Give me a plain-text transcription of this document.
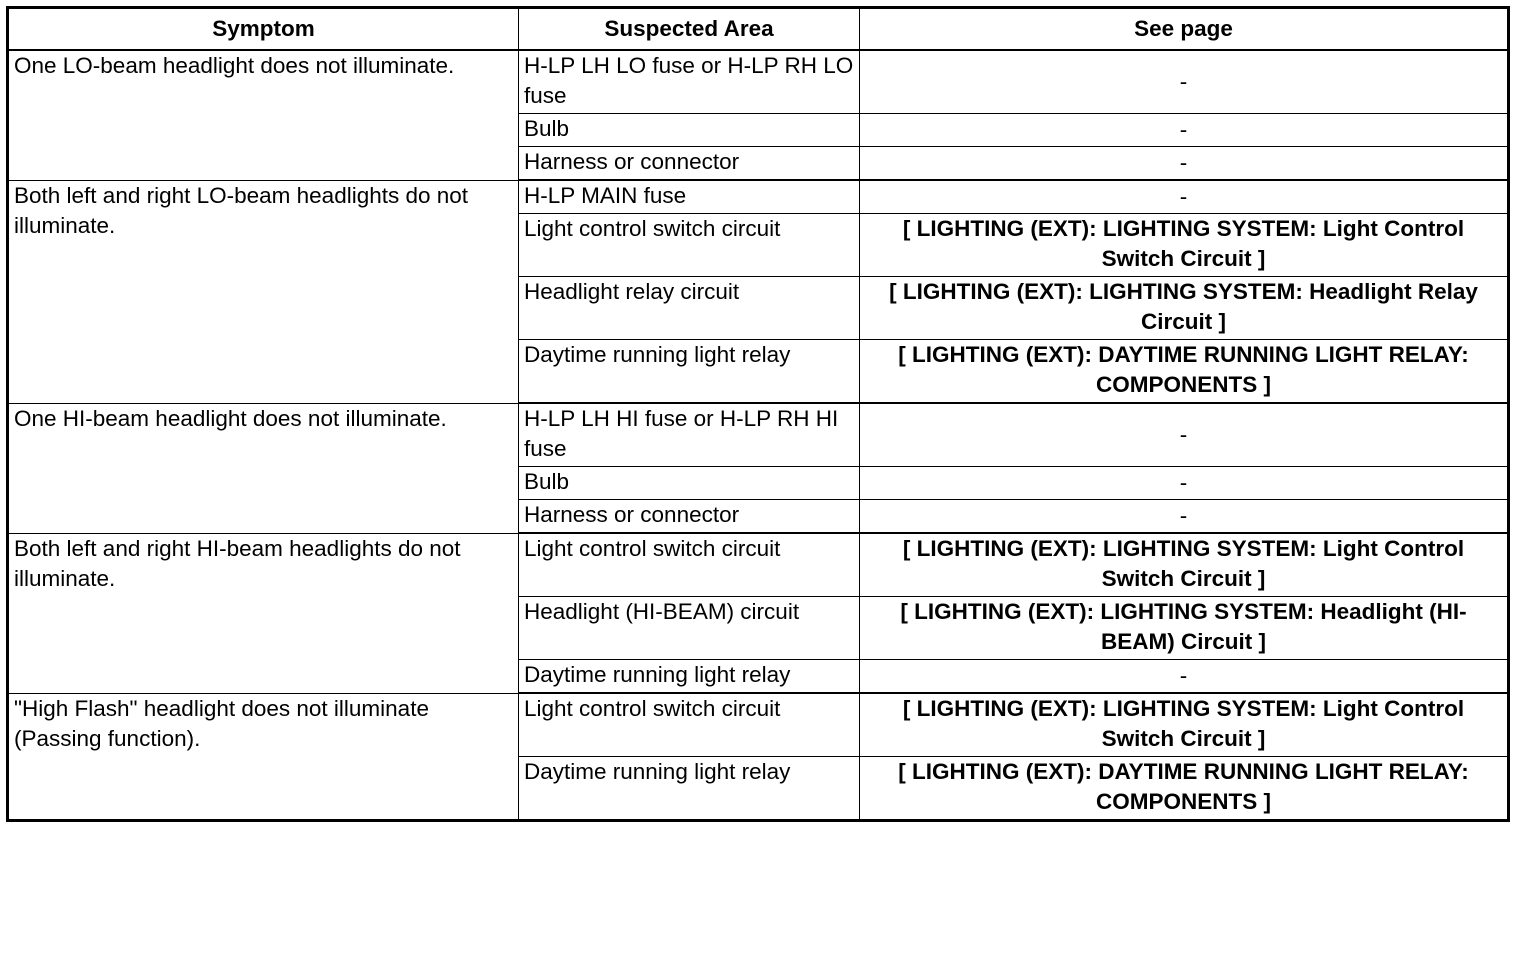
Symptom	Suspected Area	See page
One LO-beam headlight does not illuminate.	H-LP LH LO fuse or H-LP RH LO fuse	-
	Bulb	-
	Harness or connector	-
Both left and right LO-beam headlights do not illuminate.	H-LP MAIN fuse	-
	Light control switch circuit	[ LIGHTING (EXT): LIGHTING SYSTEM: Light Control Switch Circuit ]
	Headlight relay circuit	[ LIGHTING (EXT): LIGHTING SYSTEM: Headlight Relay Circuit ]
	Daytime running light relay	[ LIGHTING (EXT): DAYTIME RUNNING LIGHT RELAY: COMPONENTS ]
One HI-beam headlight does not illuminate.	H-LP LH HI fuse or H-LP RH HI fuse	-
	Bulb	-
	Harness or connector	-
Both left and right HI-beam headlights do not illuminate.	Light control switch circuit	[ LIGHTING (EXT): LIGHTING SYSTEM: Light Control Switch Circuit ]
	Headlight (HI-BEAM) circuit	[ LIGHTING (EXT): LIGHTING SYSTEM: Headlight (HI-BEAM) Circuit ]
	Daytime running light relay	-
"High Flash" headlight does not illuminate (Passing function).	Light control switch circuit	[ LIGHTING (EXT): LIGHTING SYSTEM: Light Control Switch Circuit ]
	Daytime running light relay	[ LIGHTING (EXT): DAYTIME RUNNING LIGHT RELAY: COMPONENTS ]
